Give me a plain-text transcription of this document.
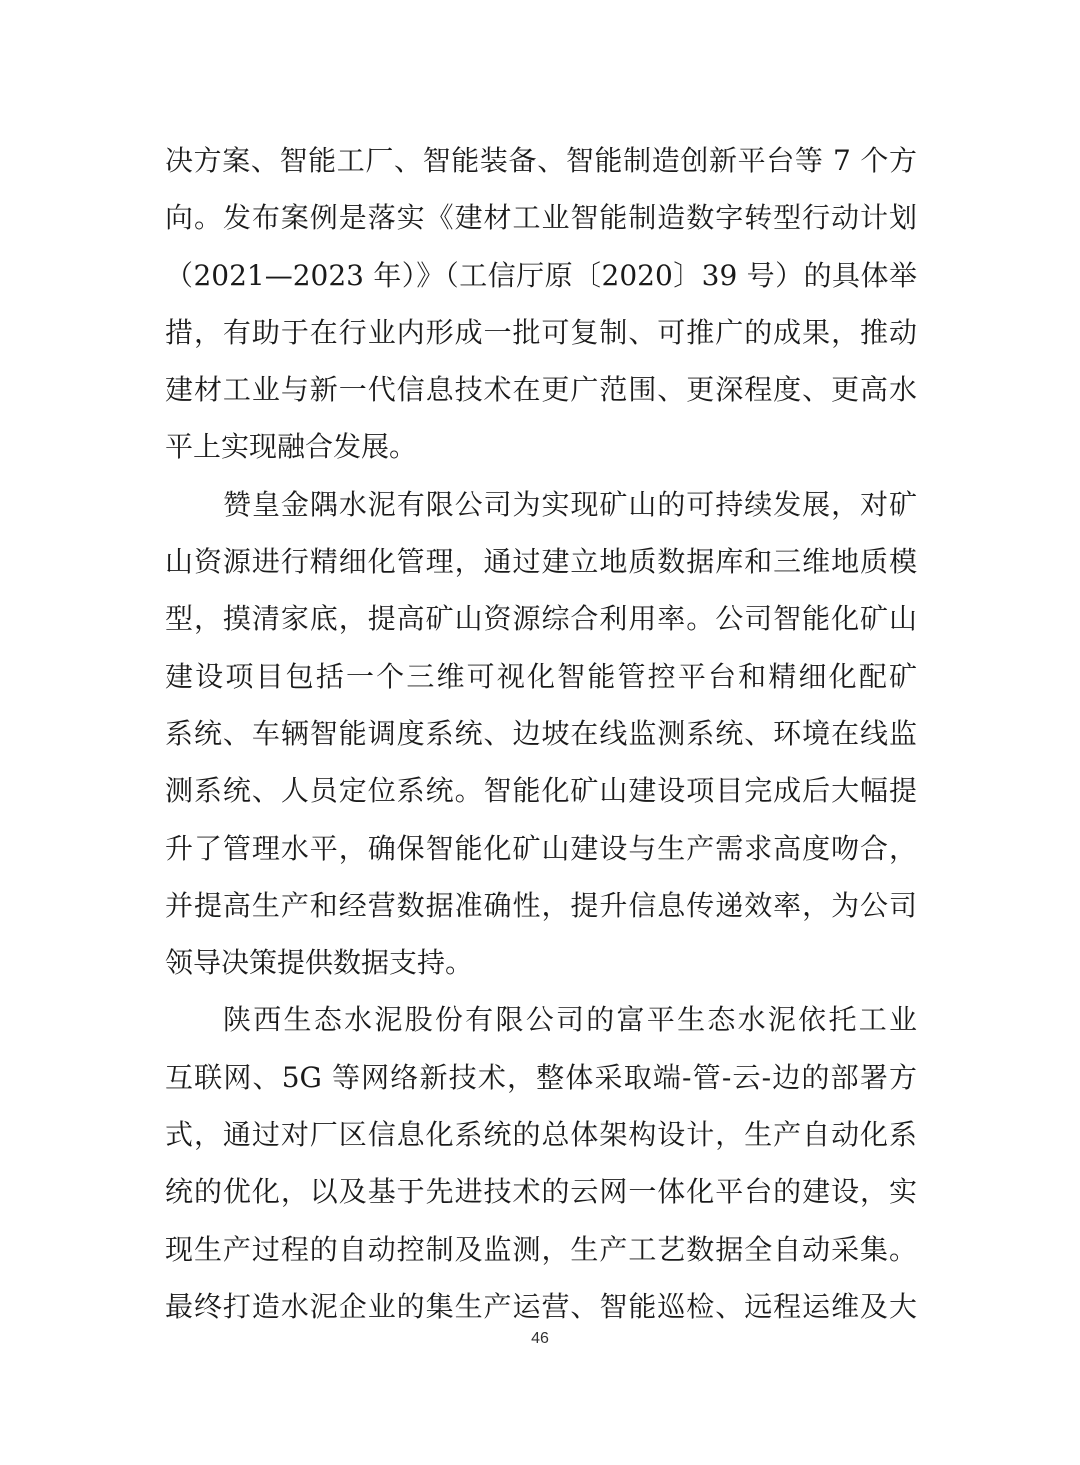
决方案、智能工厂、智能装备、智能制造创新平台等 7 个方
向。发布案例是落实《建材工业智能制造数字转型行动计划
（2021—2023 年）》（工信厅原〔2020〕39 号）的具体举
措，有助于在行业内形成一批可复制、可推广的成果，推动
建材工业与新一代信息技术在更广范围、更深程度、更高水
平上实现融合发展。
赞皇金隅水泥有限公司为实现矿山的可持续发展，对矿
山资源进行精细化管理，通过建立地质数据库和三维地质模
型，摸清家底，提高矿山资源综合利用率。公司智能化矿山
建设项目包括一个三维可视化智能管控平台和精细化配矿
系统、车辆智能调度系统、边坡在线监测系统、环境在线监
测系统、人员定位系统。智能化矿山建设项目完成后大幅提
升了管理水平，确保智能化矿山建设与生产需求高度吻合，
并提高生产和经营数据准确性，提升信息传递效率，为公司
领导决策提供数据支持。
陕西生态水泥股份有限公司的富平生态水泥依托工业
互联网、5G 等网络新技术，整体采取端-管-云-边的部署方
式，通过对厂区信息化系统的总体架构设计，生产自动化系
统的优化，以及基于先进技术的云网一体化平台的建设，实
现生产过程的自动控制及监测，生产工艺数据全自动采集。
最终打造水泥企业的集生产运营、智能巡检、远程运维及大
46
